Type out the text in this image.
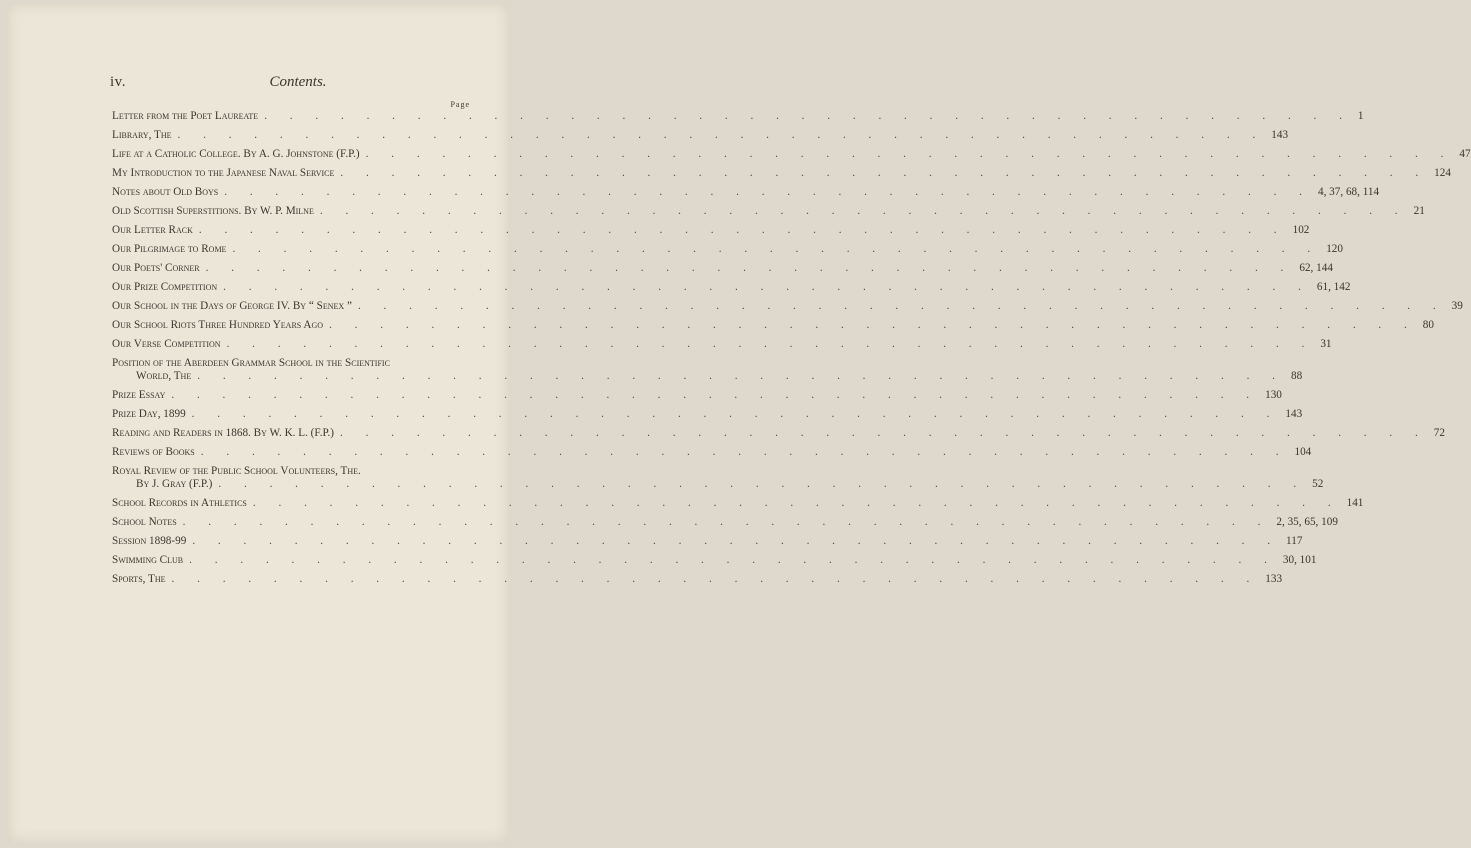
iv.	Contents.
Page
Letter from the Poet Laureate . . . . . . . . . . . . . . . . . . . . . . . . . . . . . . . . . . . . . . . . . . . 1
Library, The . . . . . . . . . . . . . . . . . . . . . . . . . . . . . . . . . . . . . . . . . . . 143
Life at a Catholic College. By A. G. Johnstone (F.P.) . . . . . . . . . . . . . . . . . . . . . . . . . . . . . . . . . . . . . . . . . . . 47
My Introduction to the Japanese Naval Service . . . . . . . . . . . . . . . . . . . . . . . . . . . . . . . . . . . . . . . . . . . 124
Notes about Old Boys . . . . . . . . . . . . . . . . . . . . . . . . . . . . . . . . . . . . . . . . . . . 4, 37, 68, 114
Old Scottish Superstitions. By W. P. Milne . . . . . . . . . . . . . . . . . . . . . . . . . . . . . . . . . . . . . . . . . . . 21
Our Letter Rack . . . . . . . . . . . . . . . . . . . . . . . . . . . . . . . . . . . . . . . . . . . 102
Our Pilgrimage to Rome . . . . . . . . . . . . . . . . . . . . . . . . . . . . . . . . . . . . . . . . . . . 120
Our Poets' Corner . . . . . . . . . . . . . . . . . . . . . . . . . . . . . . . . . . . . . . . . . . . 62, 144
Our Prize Competition . . . . . . . . . . . . . . . . . . . . . . . . . . . . . . . . . . . . . . . . . . . 61, 142
Our School in the Days of George IV. By “ Senex ” . . . . . . . . . . . . . . . . . . . . . . . . . . . . . . . . . . . . . . . . . . . 39
Our School Riots Three Hundred Years Ago . . . . . . . . . . . . . . . . . . . . . . . . . . . . . . . . . . . . . . . . . . . 80
Our Verse Competition . . . . . . . . . . . . . . . . . . . . . . . . . . . . . . . . . . . . . . . . . . . 31
Position of the Aberdeen Grammar School in the Scientific
World, The . . . . . . . . . . . . . . . . . . . . . . . . . . . . . . . . . . . . . . . . . . . 88
Prize Essay . . . . . . . . . . . . . . . . . . . . . . . . . . . . . . . . . . . . . . . . . . . 130
Prize Day, 1899 . . . . . . . . . . . . . . . . . . . . . . . . . . . . . . . . . . . . . . . . . . . 143
Reading and Readers in 1868. By W. K. L. (F.P.) . . . . . . . . . . . . . . . . . . . . . . . . . . . . . . . . . . . . . . . . . . . 72
Reviews of Books . . . . . . . . . . . . . . . . . . . . . . . . . . . . . . . . . . . . . . . . . . . 104
Royal Review of the Public School Volunteers, The.
By J. Gray (F.P.) . . . . . . . . . . . . . . . . . . . . . . . . . . . . . . . . . . . . . . . . . . . 52
School Records in Athletics . . . . . . . . . . . . . . . . . . . . . . . . . . . . . . . . . . . . . . . . . . . 141
School Notes . . . . . . . . . . . . . . . . . . . . . . . . . . . . . . . . . . . . . . . . . . . 2, 35, 65, 109
Session 1898-99 . . . . . . . . . . . . . . . . . . . . . . . . . . . . . . . . . . . . . . . . . . . 117
Swimming Club . . . . . . . . . . . . . . . . . . . . . . . . . . . . . . . . . . . . . . . . . . . 30, 101
Sports, The . . . . . . . . . . . . . . . . . . . . . . . . . . . . . . . . . . . . . . . . . . . 133
